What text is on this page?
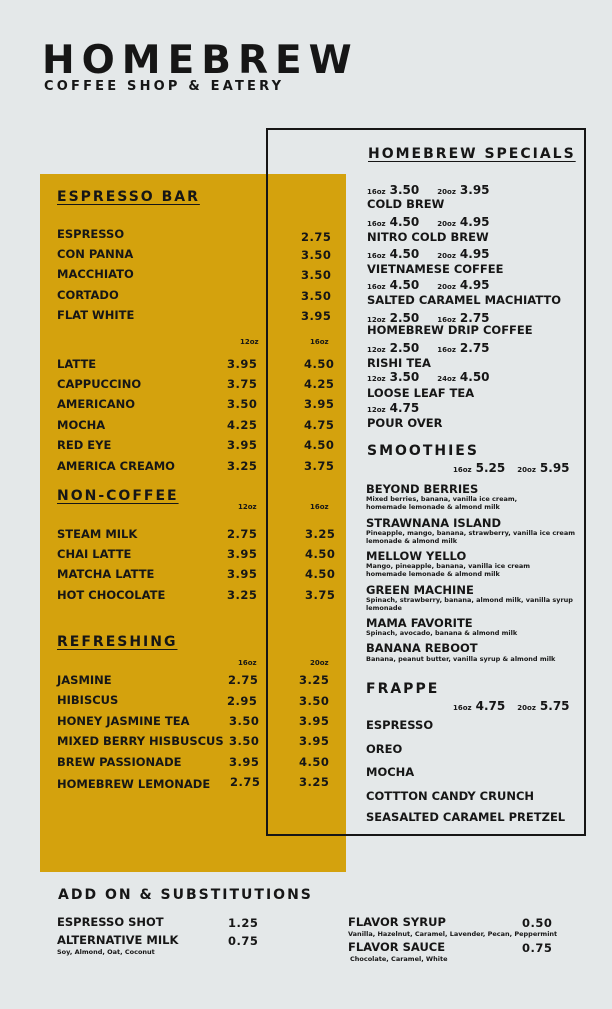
HOMEBREW
COFFEE SHOP & EATERY
ESPRESSO BAR
ESPRESSO	2.75
CON PANNA	3.50
MACCHIATO	3.50
CORTADO	3.50
FLAT WHITE	3.95
12oz	16oz
LATTE	3.95	4.50
CAPPUCCINO	3.75	4.25
AMERICANO	3.50	3.95
MOCHA	4.25	4.75
RED EYE	3.95	4.50
AMERICA CREAMO	3.25	3.75
NON-COFFEE
12oz	16oz
STEAM MILK	2.75	3.25
CHAI LATTE	3.95	4.50
MATCHA LATTE	3.95	4.50
HOT CHOCOLATE	3.25	3.75
REFRESHING
16oz	20oz
JASMINE	2.75	3.25
HIBISCUS	2.95	3.50
HONEY JASMINE TEA	3.50	3.95
MIXED BERRY HISBUSCUS 3.50	3.95
BREW PASSIONADE	3.95	4.50
HOMEBREW LEMONADE 2.75	3.25
HOMEBREW SPECIALS
16oz 3.50	20oz 3.95
COLD BREW
16oz 4.50	20oz 4.95
NITRO COLD BREW
16oz 4.50	20oz 4.95
VIETNAMESE COFFEE
16oz 4.50	20oz 4.95
SALTED CARAMEL MACHIATTO
12oz 2.50	16oz 2.75
HOMEBREW DRIP COFFEE
12oz 2.50	16oz 2.75
RISHI TEA
12oz 3.50	24oz 4.50
LOOSE LEAF TEA
12oz 4.75
POUR OVER
SMOOTHIES
16oz 5.25 20oz 5.95
BEYOND BERRIES
Mixed berries, banana, vanilla ice cream,
homemade lemonade & almond milk
STRAWNANA ISLAND
Pineapple, mango, banana, strawberry, vanilla ice cream
lemonade & almond milk
MELLOW YELLO
Mango, pineapple, banana, vanilla ice cream
homemade lemonade & almond milk
GREEN MACHINE
Spinach, strawberry, banana, almond milk, vanilla syrup
lemonade
MAMA FAVORITE
Spinach, avocado, banana & almond milk
BANANA REBOOT
Banana, peanut butter, vanilla syrup & almond milk
FRAPPE
16oz 4.75 20oz 5.75
ESPRESSO
OREO
MOCHA
COTTTON CANDY CRUNCH
SEASALTED CARAMEL PRETZEL
ADD ON & SUBSTITUTIONS
ESPRESSO SHOT	1.25
ALTERNATIVE MILK	0.75
Soy, Almond, Oat, Coconut
FLAVOR SYRUP	0.50
Vanilla, Hazelnut, Caramel, Lavender, Pecan, Peppermint
FLAVOR SAUCE	0.75
Chocolate, Caramel, White
